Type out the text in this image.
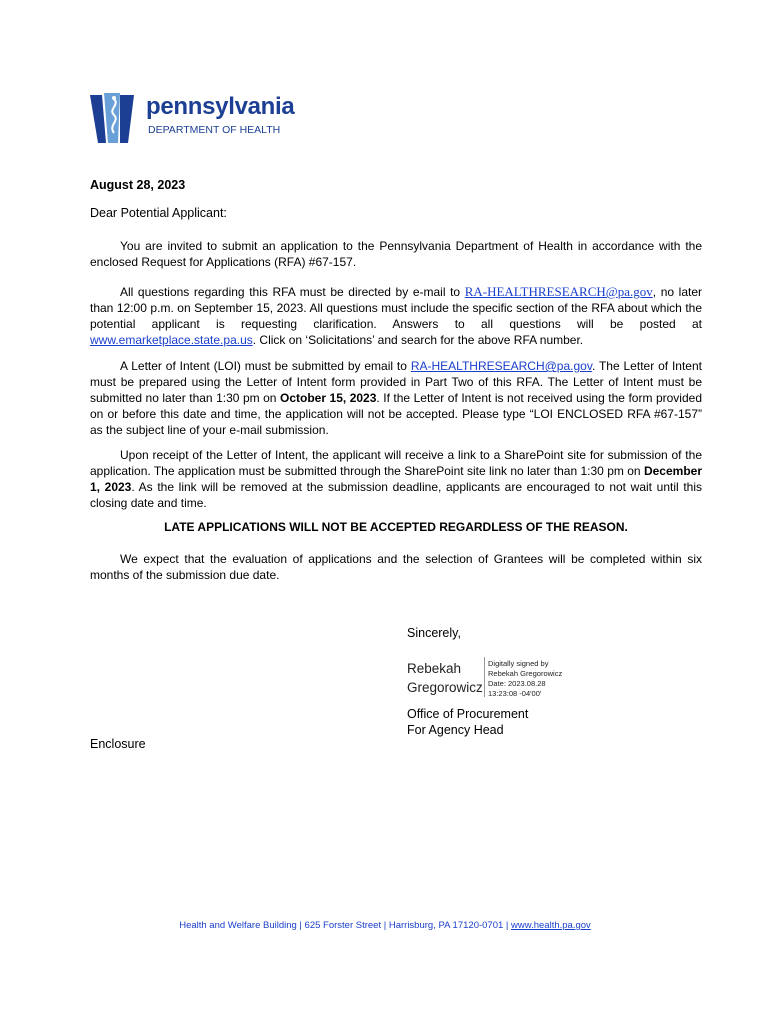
pennsylvania
DEPARTMENT OF HEALTH
August 28, 2023
Dear Potential Applicant:
You are invited to submit an application to the Pennsylvania Department of Health in accordance with the enclosed Request for Applications (RFA) #67-157.
All questions regarding this RFA must be directed by e-mail to RA-HEALTHRESEARCH@pa.gov, no later than 12:00 p.m. on September 15, 2023. All questions must include the specific section of the RFA about which the potential applicant is requesting clarification. Answers to all questions will be posted at www.emarketplace.state.pa.us. Click on ‘Solicitations’ and search for the above RFA number.
A Letter of Intent (LOI) must be submitted by email to RA-HEALTHRESEARCH@pa.gov. The Letter of Intent must be prepared using the Letter of Intent form provided in Part Two of this RFA. The Letter of Intent must be submitted no later than 1:30 pm on October 15, 2023. If the Letter of Intent is not received using the form provided on or before this date and time, the application will not be accepted. Please type “LOI ENCLOSED RFA #67-157” as the subject line of your e-mail submission.
Upon receipt of the Letter of Intent, the applicant will receive a link to a SharePoint site for submission of the application. The application must be submitted through the SharePoint site link no later than 1:30 pm on December 1, 2023. As the link will be removed at the submission deadline, applicants are encouraged to not wait until this closing date and time.
LATE APPLICATIONS WILL NOT BE ACCEPTED REGARDLESS OF THE REASON.
We expect that the evaluation of applications and the selection of Grantees will be completed within six months of the submission due date.
Sincerely,
Rebekah
Gregorowicz
Digitally signed by
Rebekah Gregorowicz
Date: 2023.08.28
13:23:08 -04'00'
Office of Procurement
For Agency Head
Enclosure
Health and Welfare Building | 625 Forster Street | Harrisburg, PA 17120-0701 | www.health.pa.gov
